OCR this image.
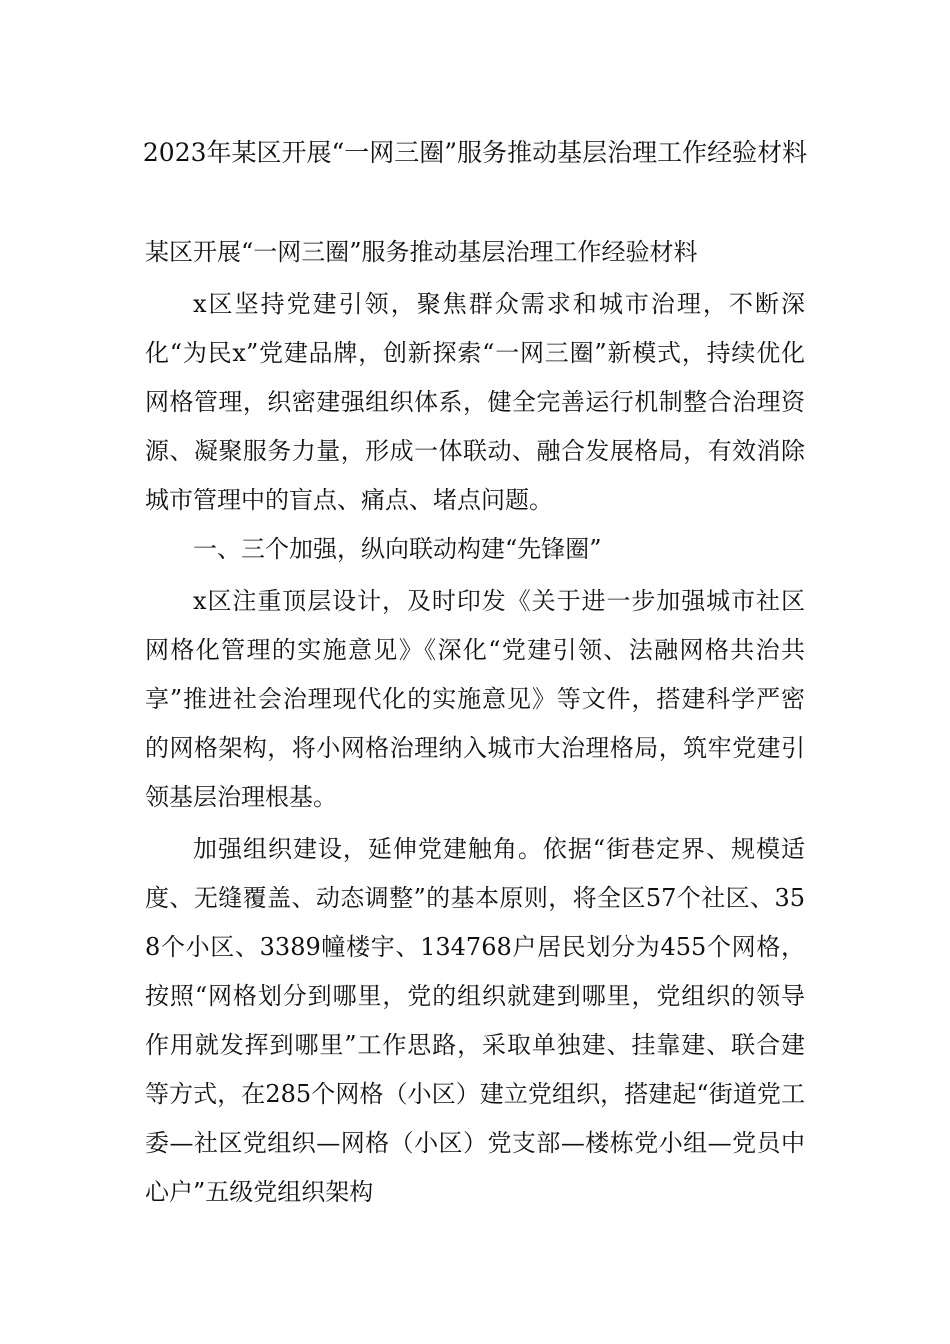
2023年某区开展“一网三圈”服务推动基层治理工作经验材料

某区开展“一网三圈”服务推动基层治理工作经验材料

x区坚持党建引领，聚焦群众需求和城市治理，不断深化“为民x”党建品牌，创新探索“一网三圈”新模式，持续优化网格管理，织密建强组织体系，健全完善运行机制整合治理资源、凝聚服务力量，形成一体联动、融合发展格局，有效消除城市管理中的盲点、痛点、堵点问题。

一、三个加强，纵向联动构建“先锋圈”

x区注重顶层设计，及时印发《关于进一步加强城市社区网格化管理的实施意见》《深化“党建引领、法融网格共治共享”推进社会治理现代化的实施意见》等文件，搭建科学严密的网格架构，将小网格治理纳入城市大治理格局，筑牢党建引领基层治理根基。

加强组织建设，延伸党建触角。依据“街巷定界、规模适度、无缝覆盖、动态调整”的基本原则，将全区57个社区、358个小区、3389幢楼宇、134768户居民划分为455个网格，按照“网格划分到哪里，党的组织就建到哪里，党组织的领导作用就发挥到哪里”工作思路，采取单独建、挂靠建、联合建等方式，在285个网格（小区）建立党组织，搭建起“街道党工委—社区党组织—网格（小区）党支部—楼栋党小组—党员中心户”五级党组织架构
